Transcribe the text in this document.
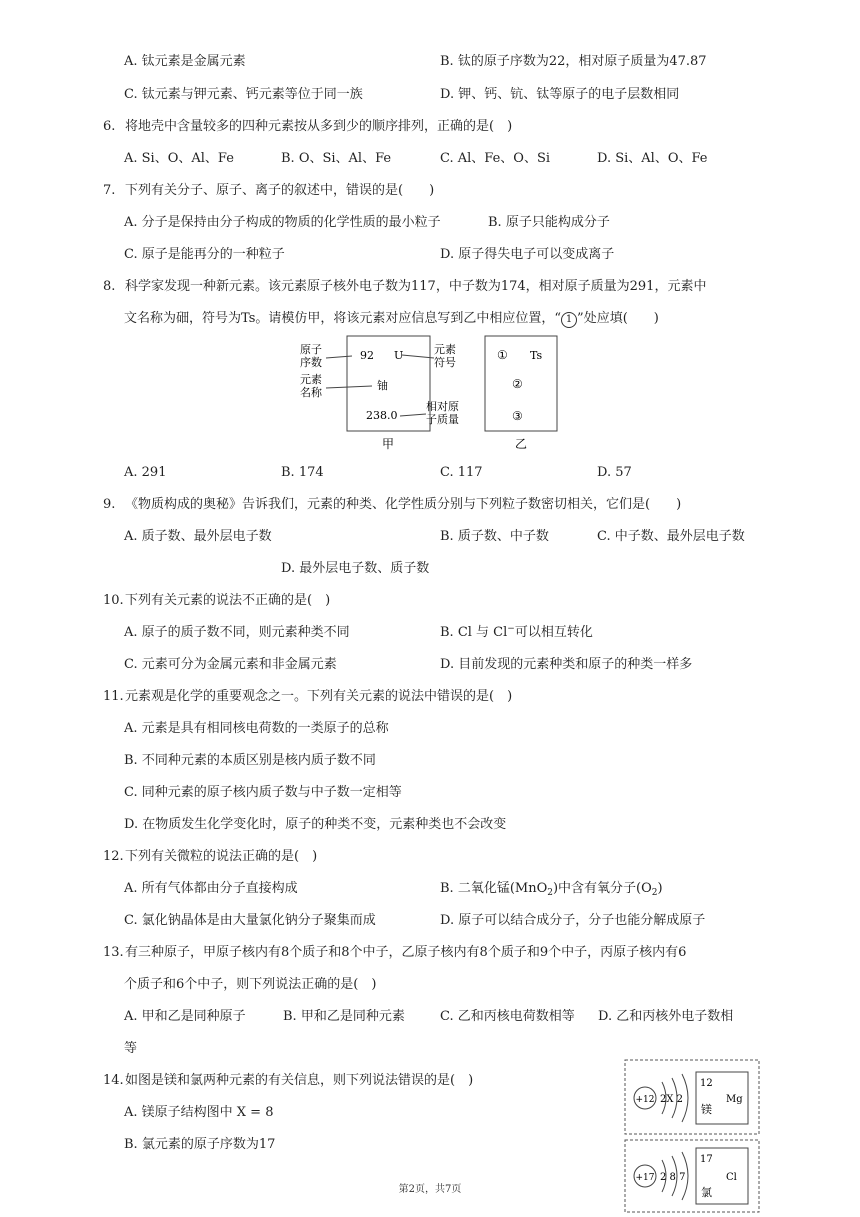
A. 钛元素是金属元素	B. 钛的原子序数为22，相对原子质量为47.87
C. 钛元素与钾元素、钙元素等位于同一族	D. 钾、钙、钪、钛等原子的电子层数相同
6. 将地壳中含量较多的四种元素按从多到少的顺序排列，正确的是(　)
A. Si、O、Al、Fe	B. O、Si、Al、Fe	C. Al、Fe、O、Si	D. Si、Al、O、Fe
7. 下列有关分子、原子、离子的叙述中，错误的是(　　)
A. 分子是保持由分子构成的物质的化学性质的最小粒子	B. 原子只能构成分子
C. 原子是能再分的一种粒子	D. 原子得失电子可以变成离子
8. 科学家发现一种新元素。该元素原子核外电子数为117，中子数为174，相对原子质量为291，元素中
文名称为鿬，符号为Ts。请模仿甲，将该元素对应信息写到乙中相应位置，“ 1 ”处应填(　　)
原子
序数
元素
名称
92 U
铀
238.0
元素
符号
相对原
子质量
甲
① Ts
②
③
乙
A. 291	B. 174	C. 117	D. 57
9. 《物质构成的奥秘》告诉我们，元素的种类、化学性质分别与下列粒子数密切相关，它们是(　　)
A. 质子数、最外层电子数	B. 质子数、中子数	C. 中子数、最外层电子数
D. 最外层电子数、质子数
10.下列有关元素的说法不正确的是(　)
A. 原子的质子数不同，则元素种类不同	B. Cl 与 Cl−可以相互转化
C. 元素可分为金属元素和非金属元素	D. 目前发现的元素种类和原子的种类一样多
11.元素观是化学的重要观念之一。下列有关元素的说法中错误的是(　)
A. 元素是具有相同核电荷数的一类原子的总称
B. 不同种元素的本质区别是核内质子数不同
C. 同种元素的原子核内质子数与中子数一定相等
D. 在物质发生化学变化时，原子的种类不变，元素种类也不会改变
12.下列有关微粒的说法正确的是(　)
A. 所有气体都由分子直接构成	B. 二氧化锰(MnO$_2$)中含有氧分子$(O_2)$
C. 氯化钠晶体是由大量氯化钠分子聚集而成	D. 原子可以结合成分子，分子也能分解成原子
13.有三种原子，甲原子核内有8个质子和8个中子，乙原子核内有8个质子和9个中子，丙原子核内有6
个质子和6个中子，则下列说法正确的是(　)
A. 甲和乙是同种原子	B. 甲和乙是同种元素	C. 乙和丙核电荷数相等 D. 乙和丙核外电子数相
等
14.如图是镁和氯两种元素的有关信息，则下列说法错误的是(　)
A. 镁原子结构图中 X = 8
B. 氯元素的原子序数为17
+12 2X 2
12
Mg
镁
+17 2 8 7
17
Cl
氯
第2页，共7页
